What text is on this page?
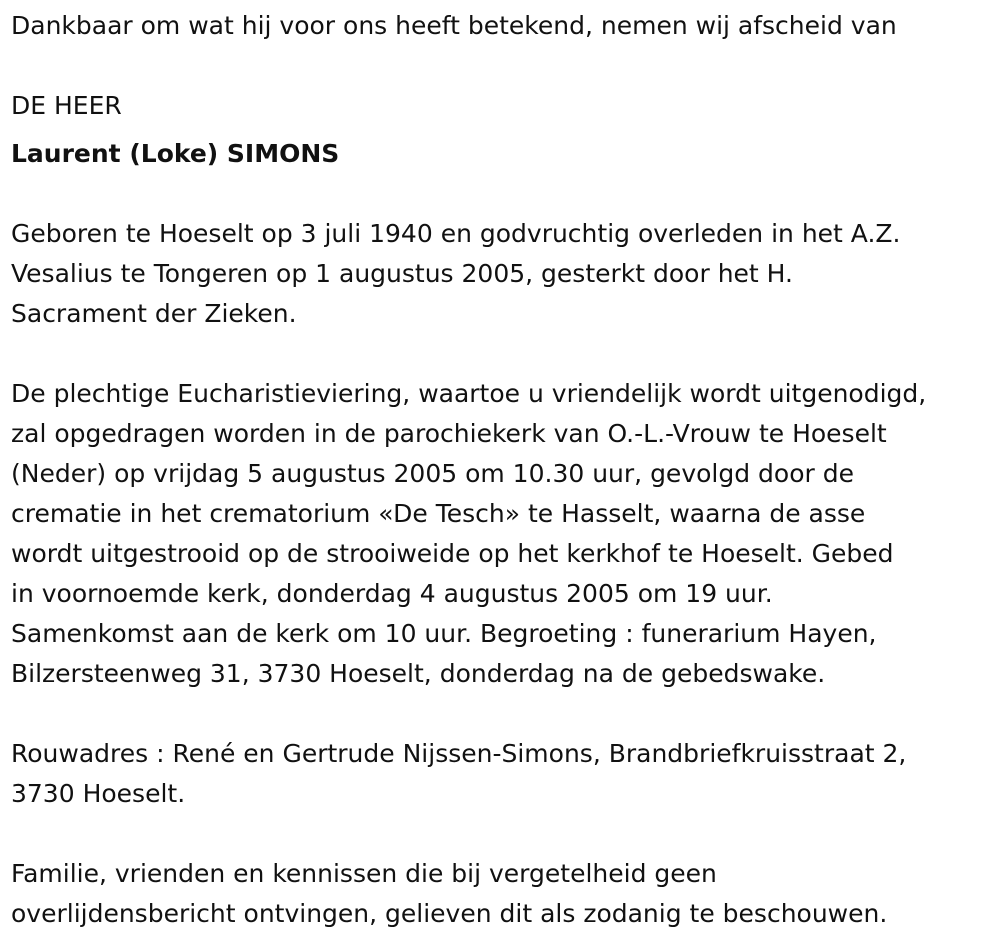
Dankbaar om wat hij voor ons heeft betekend, nemen wij afscheid van

DE HEER

Laurent (Loke) SIMONS

Geboren te Hoeselt op 3 juli 1940 en godvruchtig overleden in het A.Z.
Vesalius te Tongeren op 1 augustus 2005, gesterkt door het H.
Sacrament der Zieken.

De plechtige Eucharistieviering, waartoe u vriendelijk wordt uitgenodigd,
zal opgedragen worden in de parochiekerk van O.-L.-Vrouw te Hoeselt
(Neder) op vrijdag 5 augustus 2005 om 10.30 uur, gevolgd door de
crematie in het crematorium «De Tesch» te Hasselt, waarna de asse
wordt uitgestrooid op de strooiweide op het kerkhof te Hoeselt. Gebed
in voornoemde kerk, donderdag 4 augustus 2005 om 19 uur.
Samenkomst aan de kerk om 10 uur. Begroeting : funerarium Hayen,
Bilzersteenweg 31, 3730 Hoeselt, donderdag na de gebedswake.

Rouwadres : René en Gertrude Nijssen-Simons, Brandbriefkruisstraat 2,
3730 Hoeselt.

Familie, vrienden en kennissen die bij vergetelheid geen
overlijdensbericht ontvingen, gelieven dit als zodanig te beschouwen.
